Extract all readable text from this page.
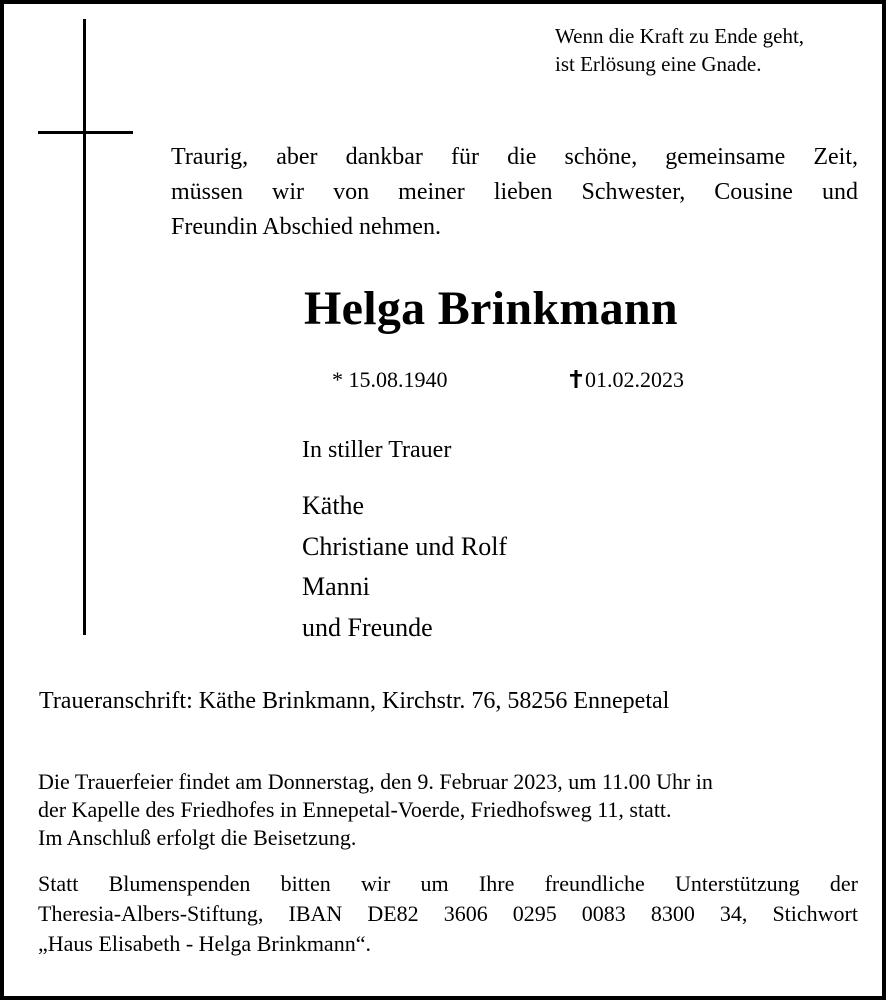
Wenn die Kraft zu Ende geht,
ist Erlösung eine Gnade.
Traurig, aber dankbar für die schöne, gemeinsame Zeit,
müssen wir von meiner lieben Schwester, Cousine und
Freundin Abschied nehmen.
Helga Brinkmann
* 15.08.1940	01.02.2023
In stiller Trauer
Käthe
Christiane und Rolf
Manni
und Freunde
Traueranschrift: Käthe Brinkmann, Kirchstr. 76, 58256 Ennepetal
Die Trauerfeier findet am Donnerstag, den 9. Februar 2023, um 11.00 Uhr in
der Kapelle des Friedhofes in Ennepetal-Voerde, Friedhofsweg 11, statt.
Im Anschluß erfolgt die Beisetzung.
Statt Blumenspenden bitten wir um Ihre freundliche Unterstützung der
Theresia-Albers-Stiftung, IBAN DE82 3606 0295 0083 8300 34, Stichwort
„Haus Elisabeth - Helga Brinkmann“.
